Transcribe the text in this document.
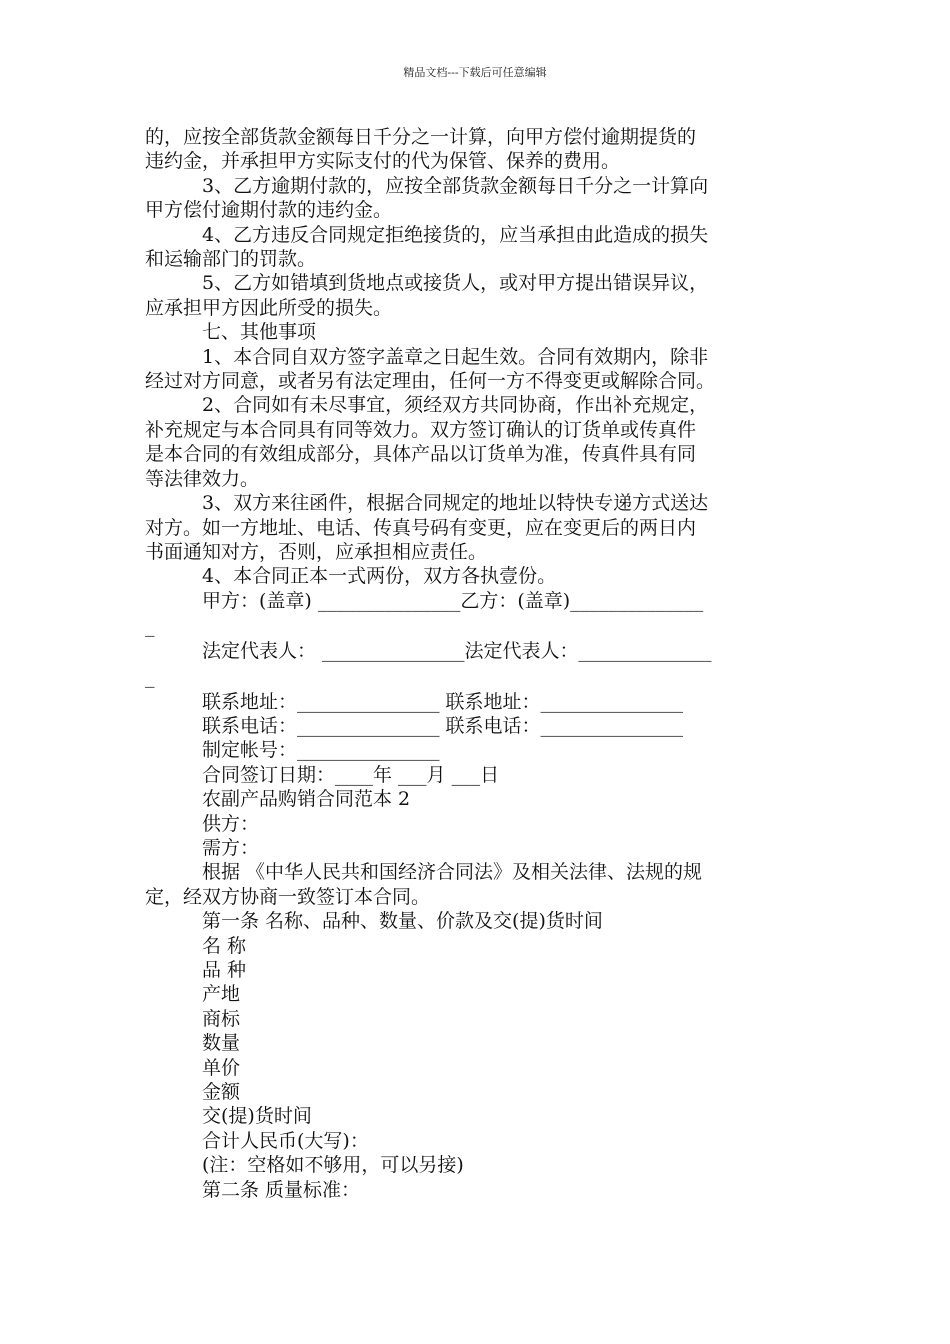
精品文档---下载后可任意编辑
的，应按全部货款金额每日千分之一计算，向甲方偿付逾期提货的
违约金，并承担甲方实际支付的代为保管、保养的费用。
3、乙方逾期付款的，应按全部货款金额每日千分之一计算向
甲方偿付逾期付款的违约金。
4、乙方违反合同规定拒绝接货的，应当承担由此造成的损失
和运输部门的罚款。
5、乙方如错填到货地点或接货人，或对甲方提出错误异议，
应承担甲方因此所受的损失。
七、其他事项
1、本合同自双方签字盖章之日起生效。合同有效期内，除非
经过对方同意，或者另有法定理由，任何一方不得变更或解除合同。
2、合同如有未尽事宜，须经双方共同协商，作出补充规定，
补充规定与本合同具有同等效力。双方签订确认的订货单或传真件
是本合同的有效组成部分，具体产品以订货单为准，传真件具有同
等法律效力。
3、双方来往函件，根据合同规定的地址以特快专递方式送达
对方。如一方地址、电话、传真号码有变更，应在变更后的两日内
书面通知对方，否则，应承担相应责任。
4、本合同正本一式两份，双方各执壹份。
甲方：(盖章) _______________乙方：(盖章)______________
_
法定代表人： _______________法定代表人：______________
_
联系地址：_______________ 联系地址：_______________
联系电话：_______________ 联系电话：_______________
制定帐号：_______________
合同签订日期：____年 ___月 ___日
农副产品购销合同范本 2
供方：
需方：
根据 《中华人民共和国经济合同法》及相关法律、法规的规
定，经双方协商一致签订本合同。
第一条 名称、品种、数量、价款及交(提)货时间
名 称
品 种
产地
商标
数量
单价
金额
交(提)货时间
合计人民币(大写)：
(注：空格如不够用，可以另接)
第二条 质量标准：
